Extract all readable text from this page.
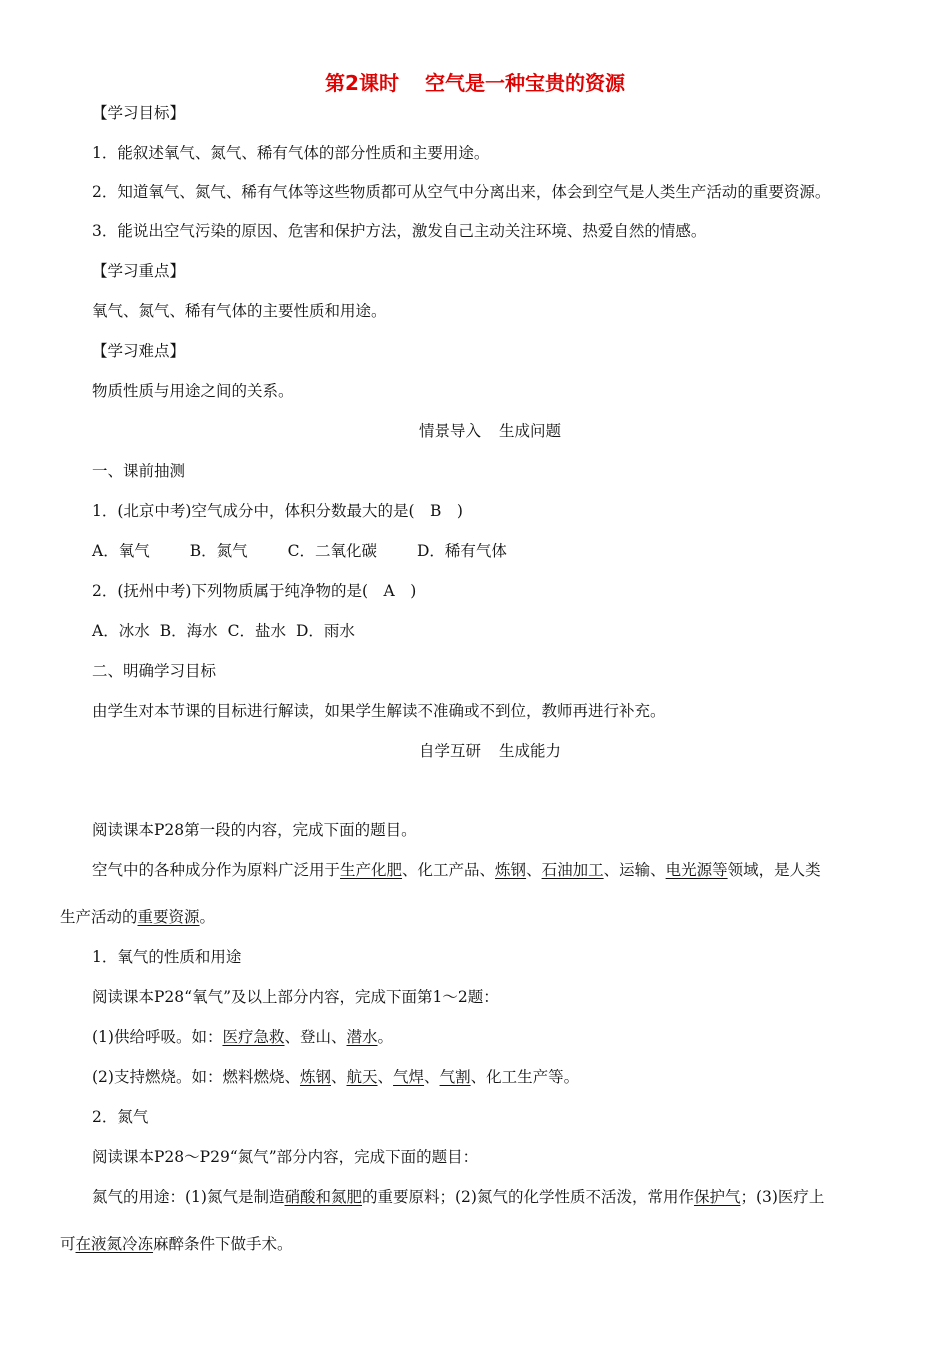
第2课时 空气是一种宝贵的资源
【学习目标】
1．能叙述氧气、氮气、稀有气体的部分性质和主要用途。
2．知道氧气、氮气、稀有气体等这些物质都可从空气中分离出来，体会到空气是人类生产活动的重要资源。
3．能说出空气污染的原因、危害和保护方法，激发自己主动关注环境、热爱自然的情感。
【学习重点】
氧气、氮气、稀有气体的主要性质和用途。
【学习难点】
物质性质与用途之间的关系。
情景导入 生成问题
一、课前抽测
1．(北京中考)空气成分中，体积分数最大的是(　B　)
A．氧气	B．氮气	C．二氧化碳	D．稀有气体
2．(抚州中考)下列物质属于纯净物的是(　A　)
A．冰水 B．海水 C．盐水 D．雨水
二、明确学习目标
由学生对本节课的目标进行解读，如果学生解读不准确或不到位，教师再进行补充。
自学互研 生成能力
阅读课本P28第一段的内容，完成下面的题目。
空气中的各种成分作为原料广泛用于生产化肥、化工产品、炼钢、石油加工、运输、电光源等领域，是人类
生产活动的重要资源。
1．氧气的性质和用途
阅读课本P28“氧气”及以上部分内容，完成下面第1～2题：
(1)供给呼吸。如：医疗急救、登山、潜水。
(2)支持燃烧。如：燃料燃烧、炼钢、航天、气焊、气割、化工生产等。
2．氮气
阅读课本P28～P29“氮气”部分内容，完成下面的题目：
氮气的用途：(1)氮气是制造硝酸和氮肥的重要原料；(2)氮气的化学性质不活泼，常用作保护气；(3)医疗上
可在液氮冷冻麻醉条件下做手术。
